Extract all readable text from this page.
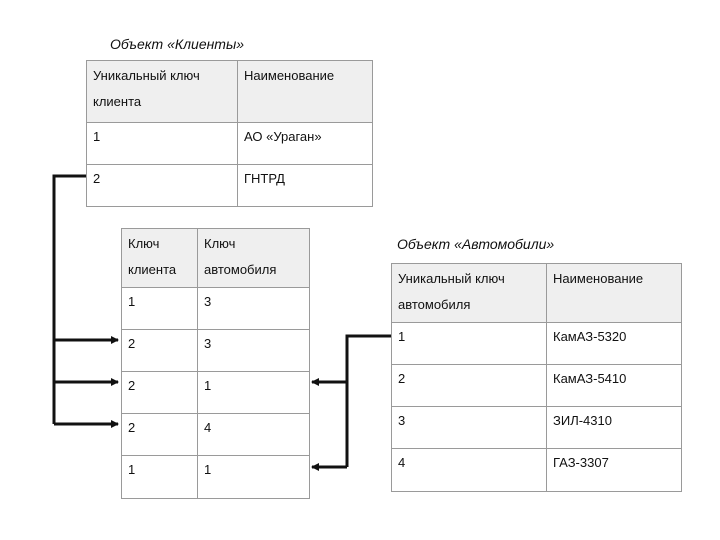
Объект «Клиенты»
Объект «Автомобили»
Уникальный ключ
клиента	Наименование

1	АО «Ураган»
2	ГНТРД
Ключ
клиента	Ключ
автомобиля

1	3
2	3
2	1
2	4
1	1
Уникальный ключ
автомобиля	Наименование

1	КамАЗ-5320
2	КамАЗ-5410
3	ЗИЛ-4310
4	ГАЗ-3307
